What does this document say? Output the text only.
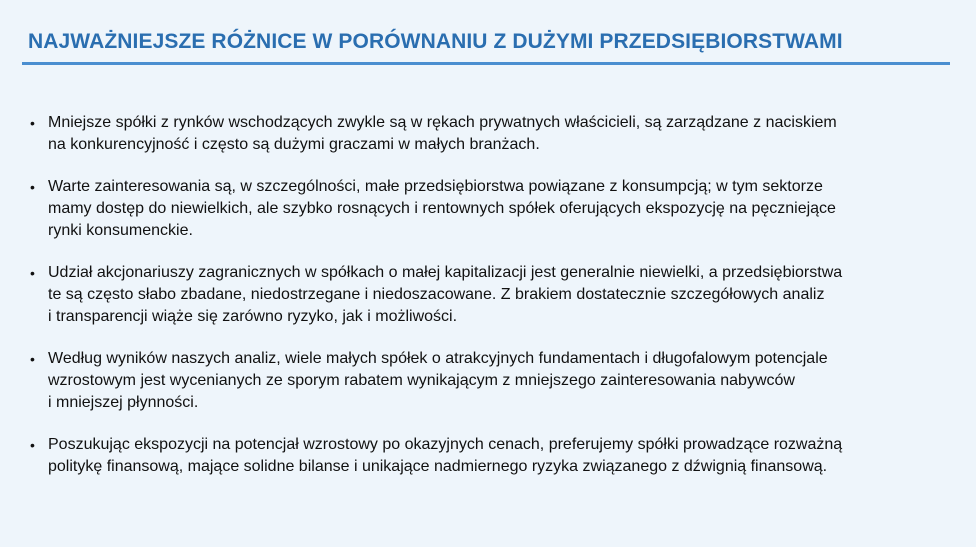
NAJWAŻNIEJSZE RÓŻNICE W PORÓWNANIU Z DUŻYMI PRZEDSIĘBIORSTWAMI
• Mniejsze spółki z rynków wschodzących zwykle są w rękach prywatnych właścicieli, są zarządzane z naciskiem
na konkurencyjność i często są dużymi graczami w małych branżach.
• Warte zainteresowania są, w szczególności, małe przedsiębiorstwa powiązane z konsumpcją; w tym sektorze
mamy dostęp do niewielkich, ale szybko rosnących i rentownych spółek oferujących ekspozycję na pęczniejące
rynki konsumenckie.
• Udział akcjonariuszy zagranicznych w spółkach o małej kapitalizacji jest generalnie niewielki, a przedsiębiorstwa
te są często słabo zbadane, niedostrzegane i niedoszacowane. Z brakiem dostatecznie szczegółowych analiz
i transparencji wiąże się zarówno ryzyko, jak i możliwości.
• Według wyników naszych analiz, wiele małych spółek o atrakcyjnych fundamentach i długofalowym potencjale
wzrostowym jest wycenianych ze sporym rabatem wynikającym z mniejszego zainteresowania nabywców
i mniejszej płynności.
• Poszukując ekspozycji na potencjał wzrostowy po okazyjnych cenach, preferujemy spółki prowadzące rozważną
politykę finansową, mające solidne bilanse i unikające nadmiernego ryzyka związanego z dźwignią finansową.
